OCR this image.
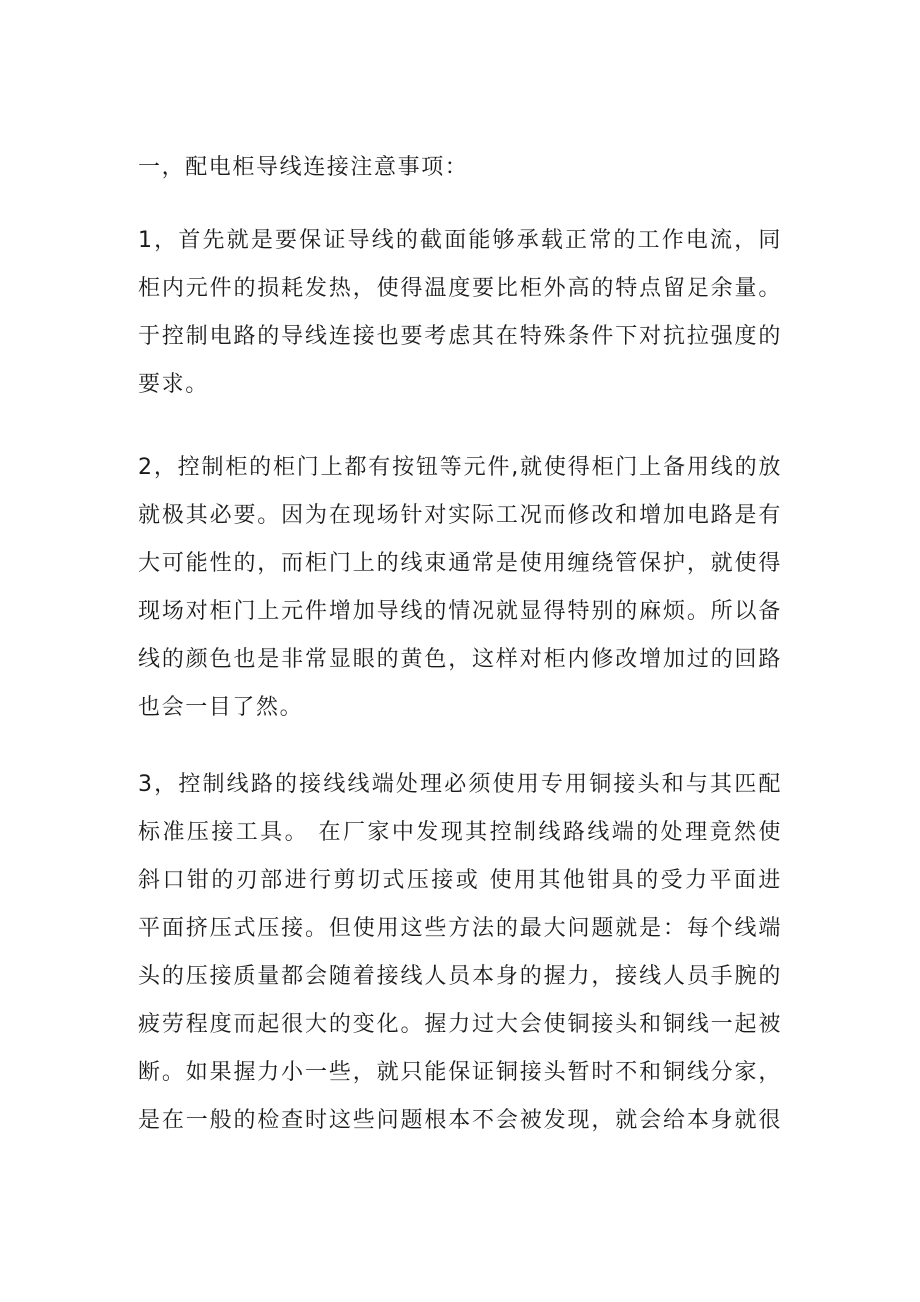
一，配电柜导线连接注意事项：
1，首先就是要保证导线的截面能够承载正常的工作电流，同
柜内元件的损耗发热，使得温度要比柜外高的特点留足余量。
于控制电路的导线连接也要考虑其在特殊条件下对抗拉强度的
要求。
2，控制柜的柜门上都有按钮等元件,就使得柜门上备用线的放
就极其必要。因为在现场针对实际工况而修改和增加电路是有
大可能性的，而柜门上的线束通常是使用缠绕管保护，就使得
现场对柜门上元件增加导线的情况就显得特别的麻烦。所以备
线的颜色也是非常显眼的黄色，这样对柜内修改增加过的回路
也会一目了然。
3，控制线路的接线线端处理必须使用专用铜接头和与其匹配
标准压接工具。 在厂家中发现其控制线路线端的处理竟然使
斜口钳的刃部进行剪切式压接或 使用其他钳具的受力平面进
平面挤压式压接。但使用这些方法的最大问题就是：每个线端
头的压接质量都会随着接线人员本身的握力，接线人员手腕的
疲劳程度而起很大的变化。握力过大会使铜接头和铜线一起被
断。如果握力小一些，就只能保证铜接头暂时不和铜线分家，
是在一般的检查时这些问题根本不会被发现，就会给本身就很
